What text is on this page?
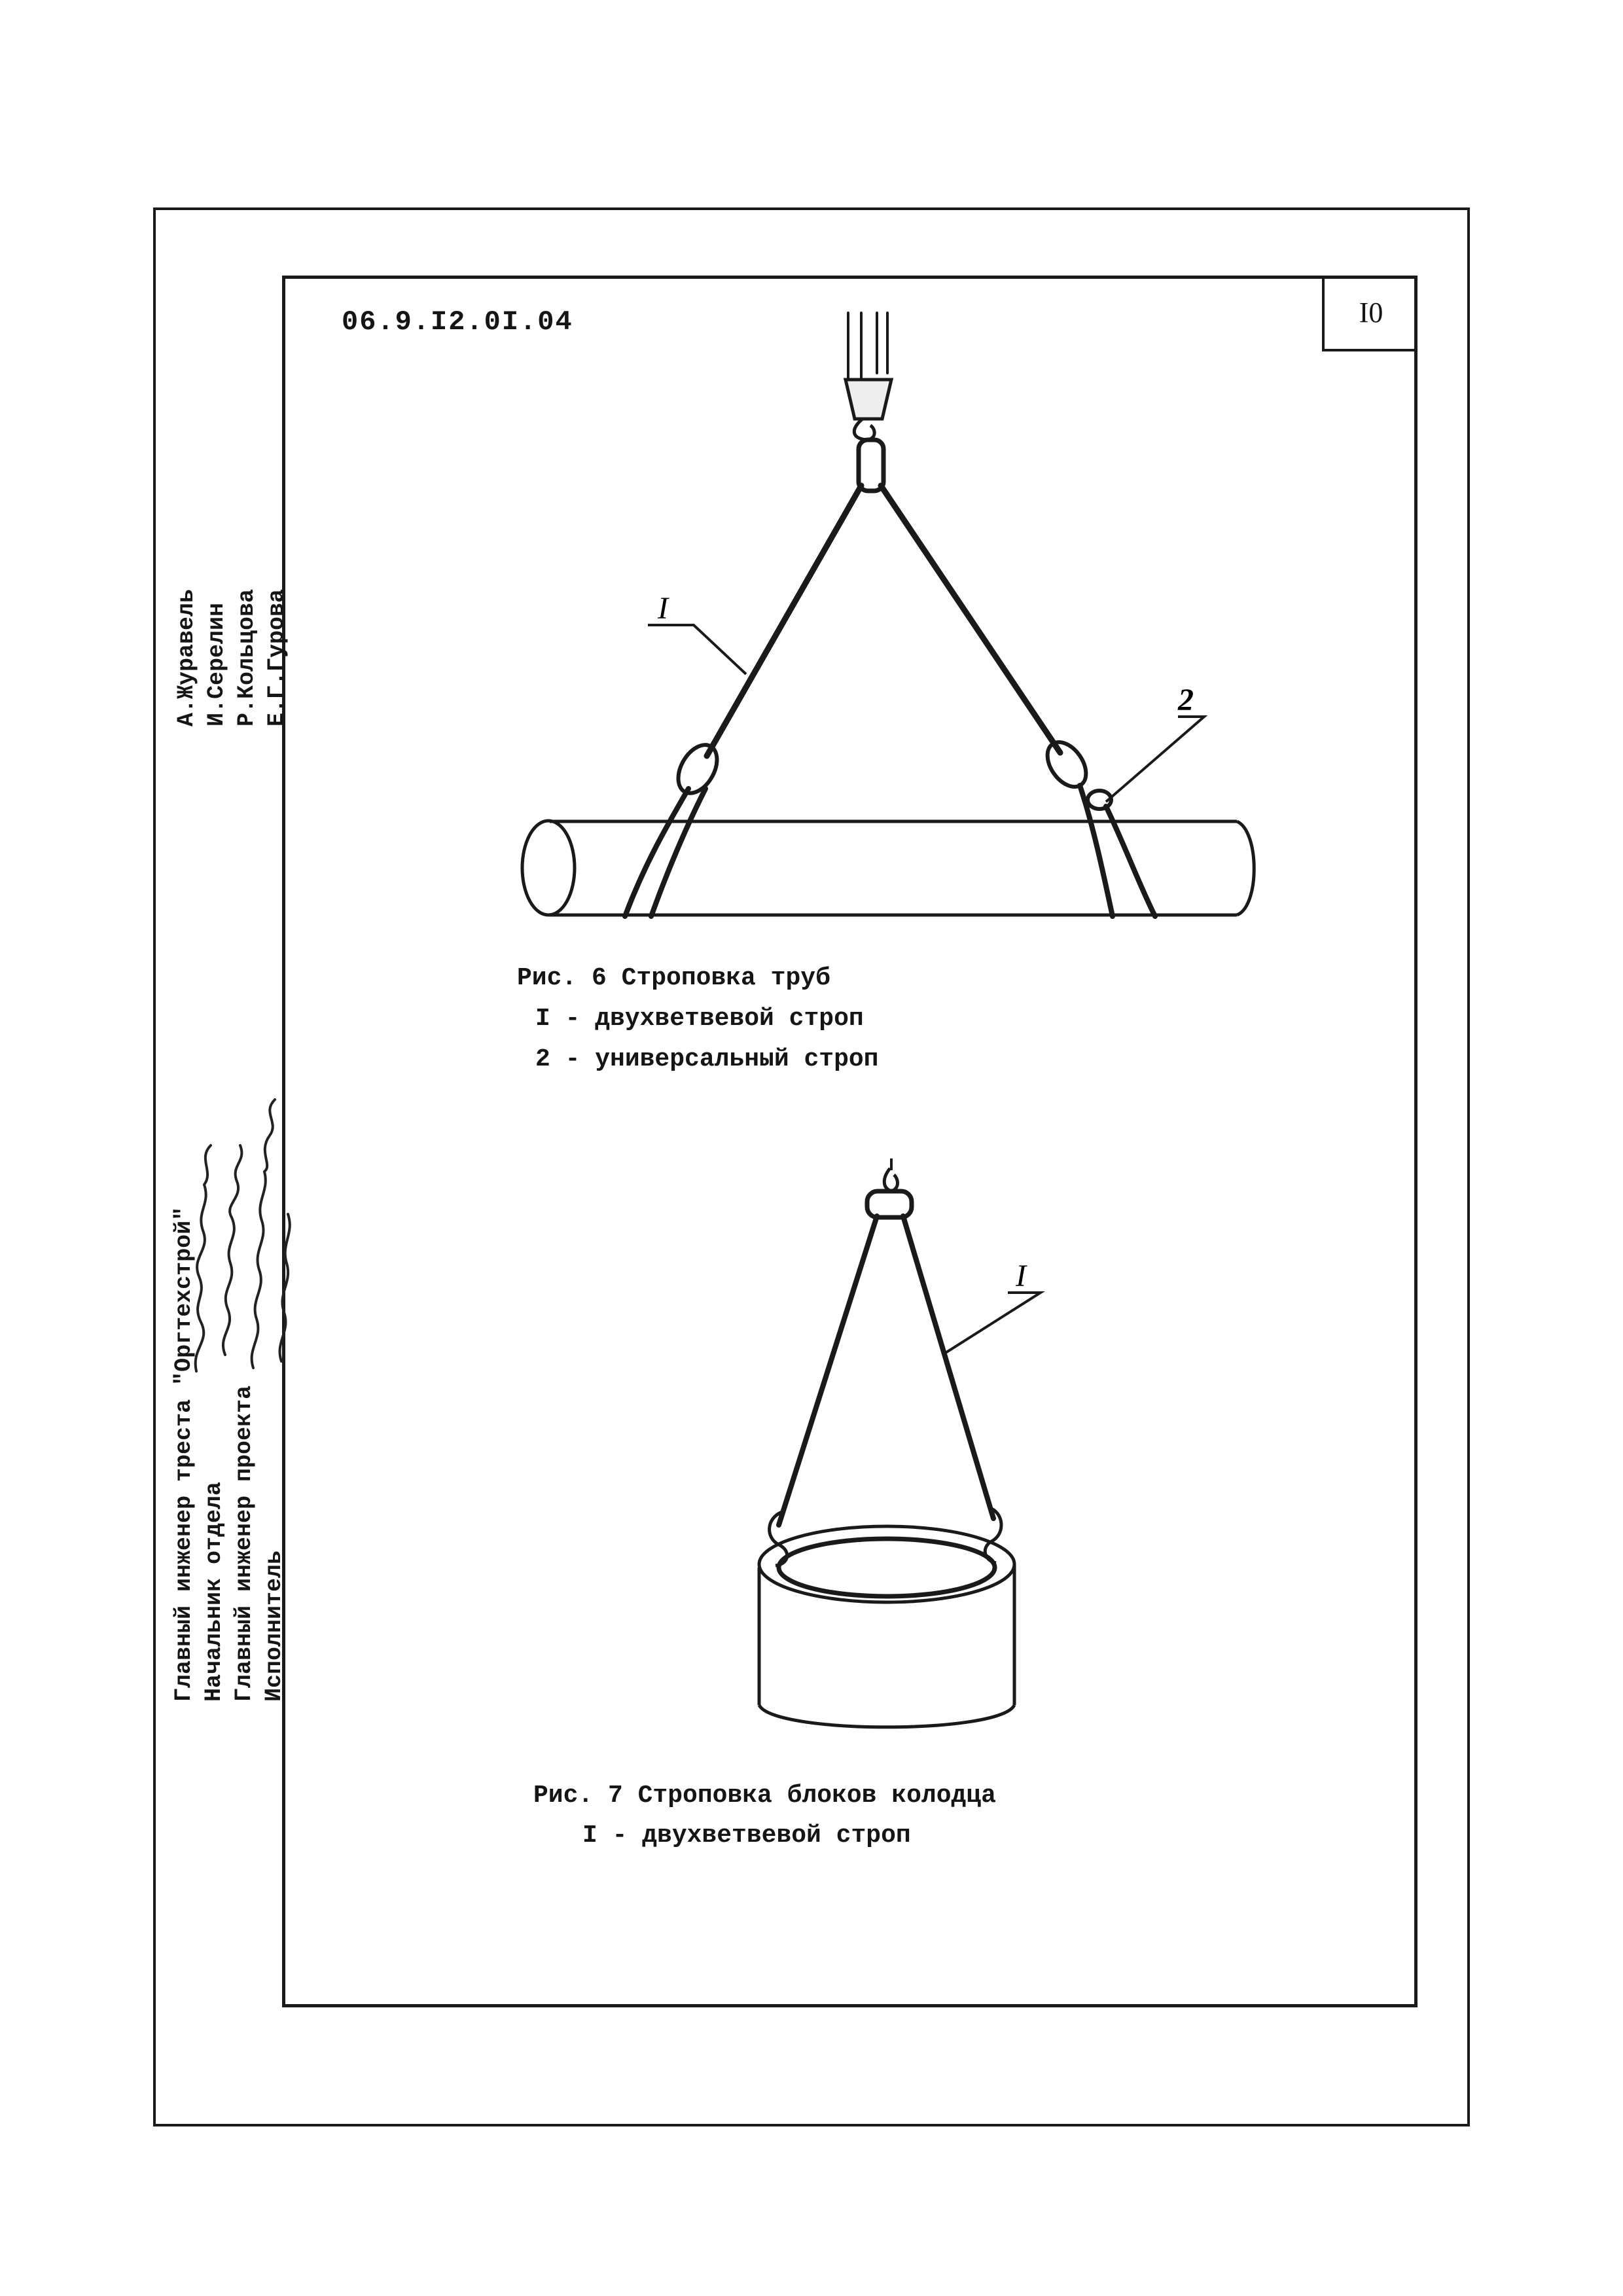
I0
06.9.I2.0I.04
Главный инженер треста "Оргтехстрой" Начальник отдела Главный инженер проекта Исполнитель
А.Журавель И.Серелин Р.Кольцова Е.Г.Гурова	I
2
Рис. 6 Строповка труб
I - двухветвевой строп
2 - универсальный строп
I
Рис. 7 Строповка блоков колодца
I - двухветвевой строп
